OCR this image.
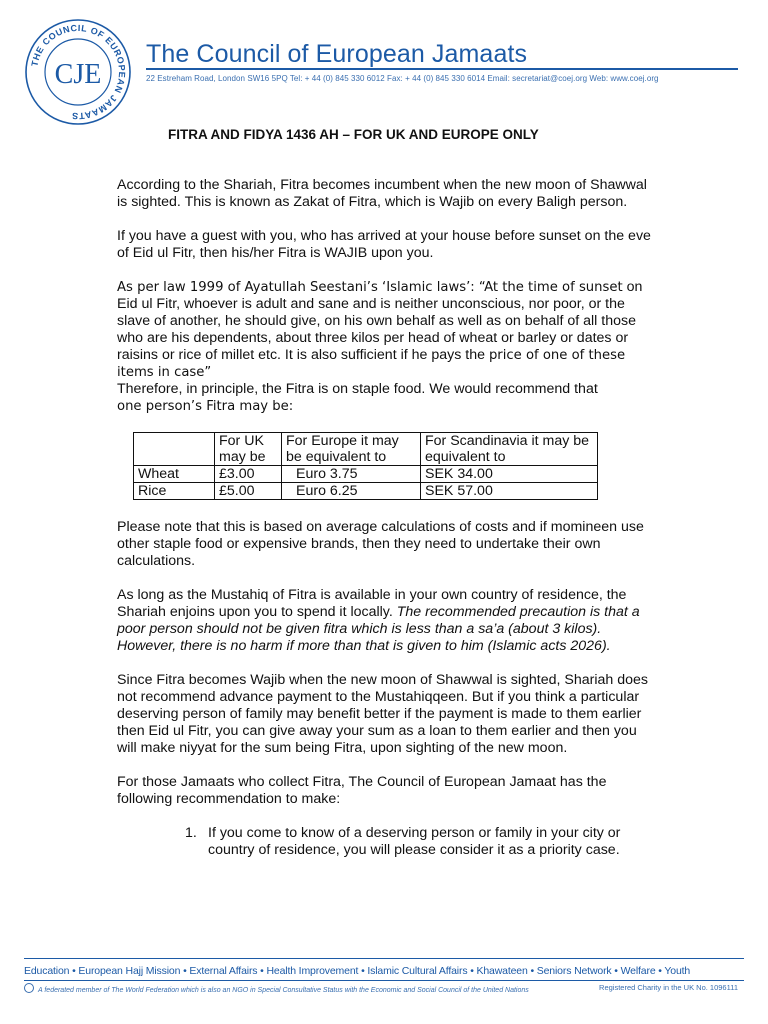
THE COUNCIL OF EUROPEAN JAMAATS
CJE
The Council of European Jamaats
22 Estreham Road, London SW16 5PQ Tel: + 44 (0) 845 330 6012 Fax: + 44 (0) 845 330 6014 Email: secretariat@coej.org Web: www.coej.org
FITRA AND FIDYA 1436 AH – FOR UK AND EUROPE ONLY

According to the Shariah, Fitra becomes incumbent when the new moon of Shawwal is sighted. This is known as Zakat of Fitra, which is Wajib on every Baligh person.

If you have a guest with you, who has arrived at your house before sunset on the eve of Eid ul Fitr, then his/her Fitra is WAJIB upon you.

As per law 1999 of Ayatullah Seestani’s ‘Islamic laws’: “At the time of sunset on Eid ul Fitr, whoever is adult and sane and is neither unconscious, nor poor, or the slave of another, he should give, on his own behalf as well as on behalf of all those who are his dependents, about three kilos per head of wheat or barley or dates or raisins or rice of millet etc. It is also sufficient if he pays the price of one of these items in case”

Therefore, in principle, the Fitra is on staple food. We would recommend that
one person’s Fitra may be:

	For UK may be	For Europe it may be equivalent to	For Scandinavia it may be equivalent to
Wheat	£3.00	Euro 3.75	SEK 34.00
Rice	£5.00	Euro 6.25	SEK 57.00

Please note that this is based on average calculations of costs and if momineen use other staple food or expensive brands, then they need to undertake their own calculations.

As long as the Mustahiq of Fitra is available in your own country of residence, the Shariah enjoins upon you to spend it locally. The recommended precaution is that a poor person should not be given fitra which is less than a sa’a (about 3 kilos). However, there is no harm if more than that is given to him (Islamic acts 2026).

Since Fitra becomes Wajib when the new moon of Shawwal is sighted, Shariah does not recommend advance payment to the Mustahiqqeen. But if you think a particular deserving person of family may benefit better if the payment is made to them earlier then Eid ul Fitr, you can give away your sum as a loan to them earlier and then you will make niyyat for the sum being Fitra, upon sighting of the new moon.

For those Jamaats who collect Fitra, The Council of European Jamaat has the following recommendation to make:

1. If you come to know of a deserving person or family in your city or country of residence, you will please consider it as a priority case.
Education • European Hajj Mission • External Affairs • Health Improvement • Islamic Cultural Affairs • Khawateen • Seniors Network • Welfare • Youth
A federated member of The World Federation which is also an NGO in Special Consultative Status with the Economic and Social Council of the United Nations	Registered Charity in the UK No. 1096111
